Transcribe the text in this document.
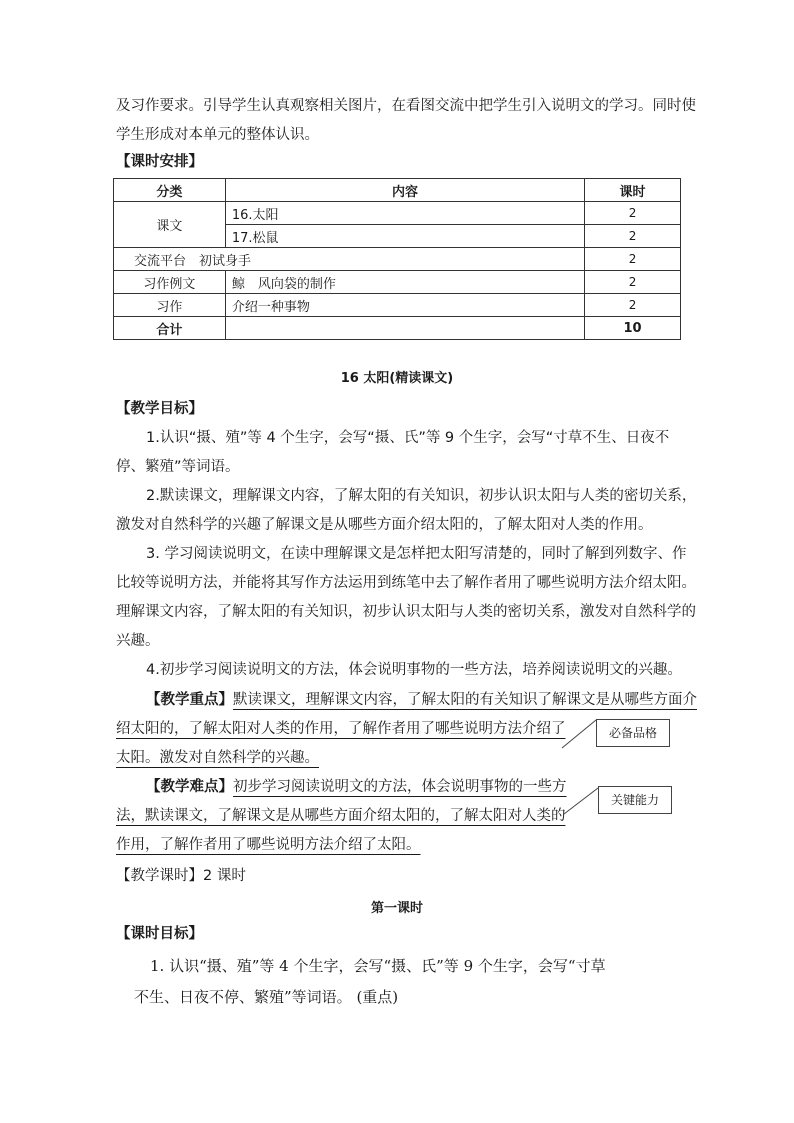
及习作要求。引导学生认真观察相关图片，在看图交流中把学生引入说明文的学习。同时使
学生形成对本单元的整体认识。
【课时安排】
分类	内容	课时
课文	16.太阳	2
	17.松鼠	2
交流平台　初试身手		2
习作例文	鲸　风向袋的制作	2
习作	介绍一种事物	2
合计		10
16 太阳(精读课文)
【教学目标】
1.认识“摄、殖”等 4 个生字，会写“摄、氏”等 9 个生字，会写“寸草不生、日夜不
停、繁殖”等词语。
2.默读课文，理解课文内容，了解太阳的有关知识，初步认识太阳与人类的密切关系，
激发对自然科学的兴趣了解课文是从哪些方面介绍太阳的，了解太阳对人类的作用。
3. 学习阅读说明文，在读中理解课文是怎样把太阳写清楚的，同时了解到列数字、作
比较等说明方法，并能将其写作方法运用到练笔中去了解作者用了哪些说明方法介绍太阳。
理解课文内容，了解太阳的有关知识，初步认识太阳与人类的密切关系，激发对自然科学的
兴趣。
4.初步学习阅读说明文的方法，体会说明事物的一些方法，培养阅读说明文的兴趣。
【教学重点】默读课文，理解课文内容，了解太阳的有关知识了解课文是从哪些方面介
绍太阳的，了解太阳对人类的作用，了解作者用了哪些说明方法介绍了
太阳。激发对自然科学的兴趣。
必备品格
【教学难点】初步学习阅读说明文的方法，体会说明事物的一些方
法，默读课文，了解课文是从哪些方面介绍太阳的，了解太阳对人类的
作用，了解作者用了哪些说明方法介绍了太阳。
关键能力
【教学课时】2 课时
第一课时
【课时目标】
1. 认识“摄、殖”等 4 个生字，会写“摄、氏”等 9 个生字，会写“寸草
不生、日夜不停、繁殖”等词语。 (重点)
